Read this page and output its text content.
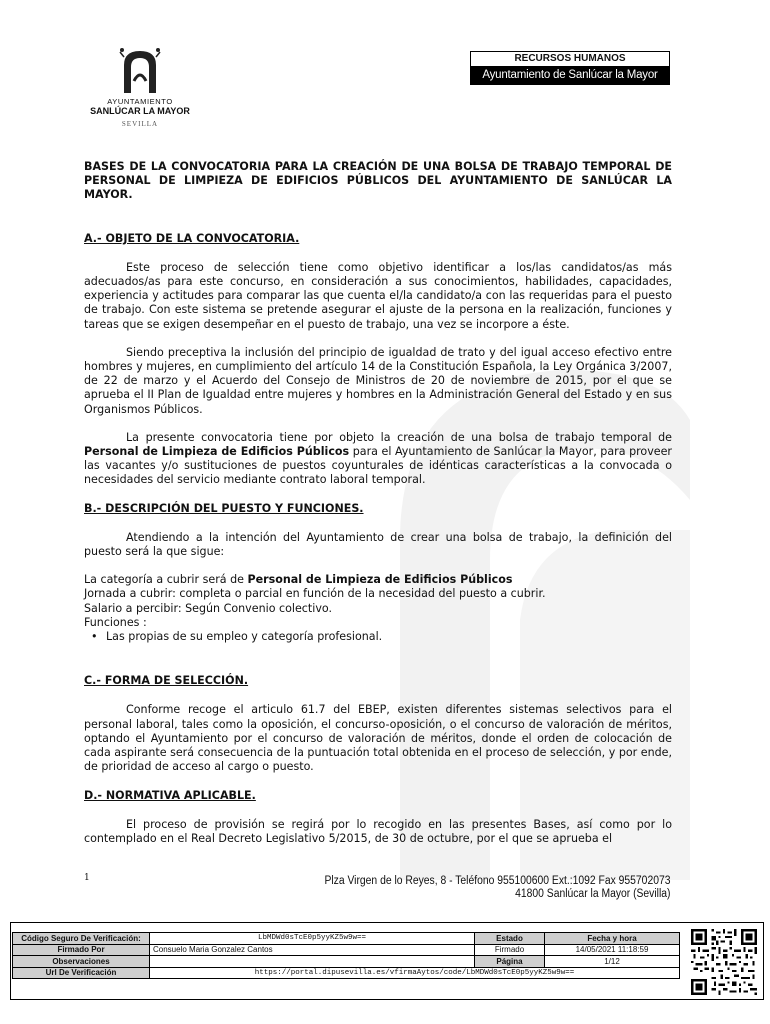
AYUNTAMIENTO
SANLÚCAR LA MAYOR
SEVILLA
RECURSOS HUMANOS
Ayuntamiento de Sanlúcar la Mayor
BASES DE LA CONVOCATORIA PARA LA CREACIÓN DE UNA BOLSA DE TRABAJO TEMPORAL DE PERSONAL DE LIMPIEZA DE EDIFICIOS PÚBLICOS DEL AYUNTAMIENTO DE SANLÚCAR LA MAYOR.
A.- OBJETO DE LA CONVOCATORIA.

Este proceso de selección tiene como objetivo identificar a los/las candidatos/as más adecuados/as para este concurso, en consideración a sus conocimientos, habilidades, capacidades, experiencia y actitudes para comparar las que cuenta el/la candidato/a con las requeridas para el puesto de trabajo. Con este sistema se pretende asegurar el ajuste de la persona en la realización, funciones y tareas que se exigen desempeñar en el puesto de trabajo, una vez se incorpore a éste.

Siendo preceptiva la inclusión del principio de igualdad de trato y del igual acceso efectivo entre hombres y mujeres, en cumplimiento del artículo 14 de la Constitución Española, la Ley Orgánica 3/2007, de 22 de marzo y el Acuerdo del Consejo de Ministros de 20 de noviembre de 2015, por el que se aprueba el II Plan de Igualdad entre mujeres y hombres en la Administración General del Estado y en sus Organismos Públicos.

La presente convocatoria tiene por objeto la creación de una bolsa de trabajo temporal de Personal de Limpieza de Edificios Públicos para el Ayuntamiento de Sanlúcar la Mayor, para proveer las vacantes y/o sustituciones de puestos coyunturales de idénticas características a la convocada o necesidades del servicio mediante contrato laboral temporal.

B.- DESCRIPCIÓN DEL PUESTO Y FUNCIONES.

Atendiendo a la intención del Ayuntamiento de crear una bolsa de trabajo, la definición del puesto será la que sigue:

La categoría a cubrir será de Personal de Limpieza de Edificios Públicos
Jornada a cubrir: completa o parcial en función de la necesidad del puesto a cubrir.
Salario a percibir: Según Convenio colectivo.
Funciones :
• Las propias de su empleo y categoría profesional.
C.- FORMA DE SELECCIÓN.

Conforme recoge el articulo 61.7 del EBEP, existen diferentes sistemas selectivos para el personal laboral, tales como la oposición, el concurso-oposición, o el concurso de valoración de méritos, optando el Ayuntamiento por el concurso de valoración de méritos, donde el orden de colocación de cada aspirante será consecuencia de la puntuación total obtenida en el proceso de selección, y por ende, de prioridad de acceso al cargo o puesto.

D.- NORMATIVA APLICABLE.

El proceso de provisión se regirá por lo recogido en las presentes Bases, así como por lo contemplado en el Real Decreto Legislativo 5/2015, de 30 de octubre, por el que se aprueba el

1	Plza Virgen de lo Reyes, 8 - Teléfono 955100600 Ext.:1092 Fax 955702073
41800 Sanlúcar la Mayor (Sevilla)
Código Seguro De Verificación:	LbMDWd0sTcE0p5yyKZ5w9w==	Estado	Fecha y hora
Firmado Por	Consuelo Maria Gonzalez Cantos	Firmado	14/05/2021 11:18:59
Observaciones		Página	1/12
Url De Verificación	https://portal.dipusevilla.es/vfirmaAytos/code/LbMDWd0sTcE0p5yyKZ5w9w==		
